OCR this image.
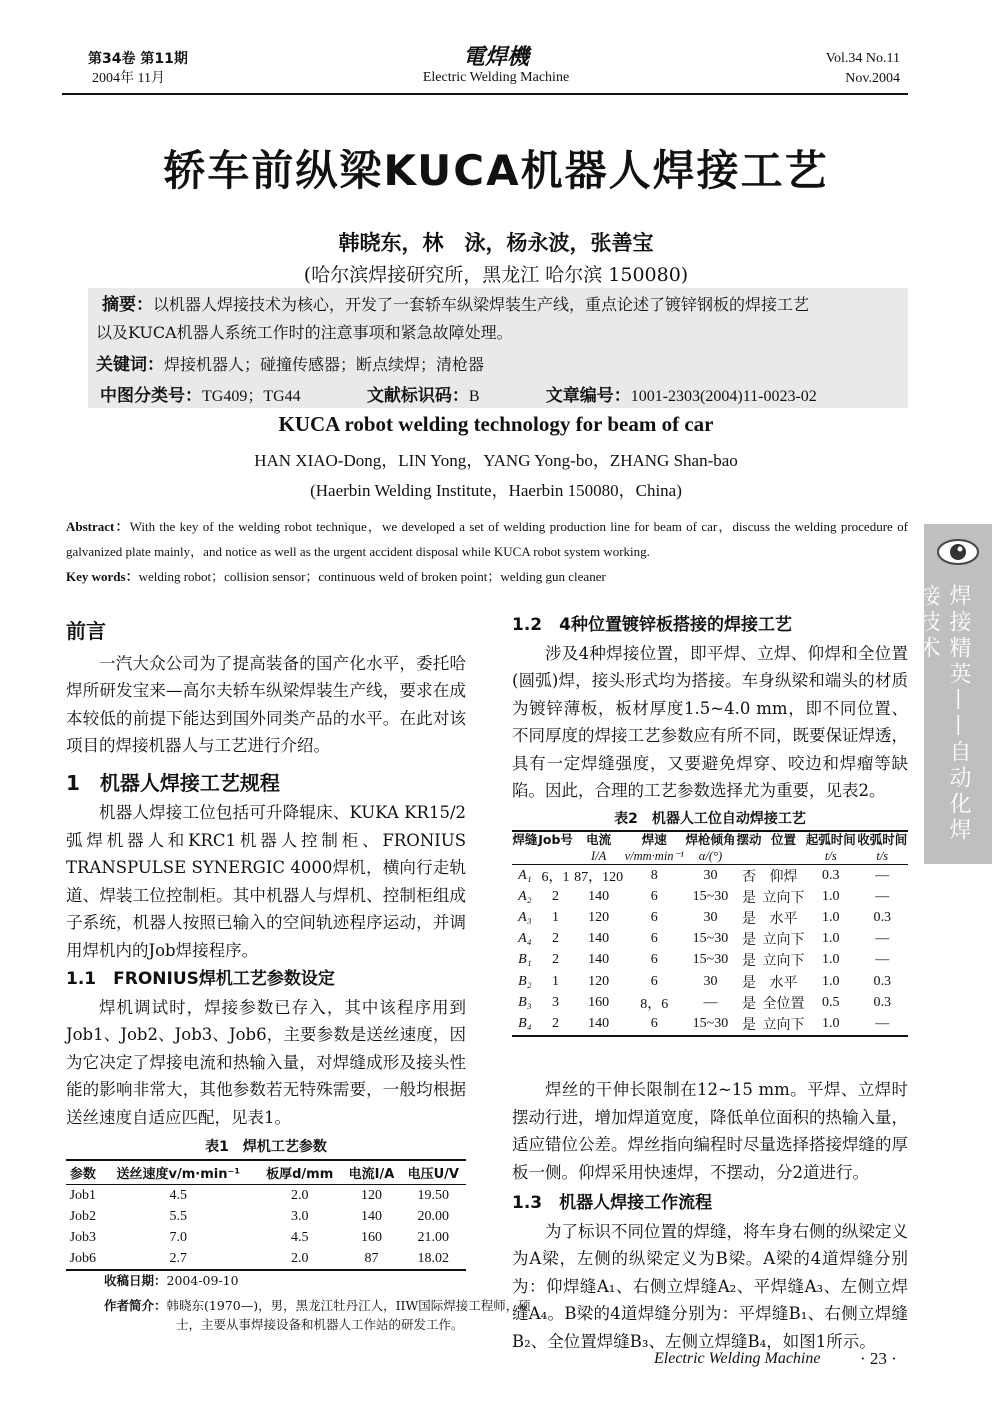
第34卷 第11期
2004年 11月
電焊機
Electric Welding Machine
Vol.34 No.11
Nov.2004
轿车前纵梁KUCA机器人焊接工艺
韩晓东，林　泳，杨永波，张善宝
(哈尔滨焊接研究所，黑龙江 哈尔滨 150080)
摘要：以机器人焊接技术为核心，开发了一套轿车纵梁焊装生产线，重点论述了镀锌钢板的焊接工艺
以及KUCA机器人系统工作时的注意事项和紧急故障处理。
关键词：焊接机器人；碰撞传感器；断点续焊；清枪器
中图分类号：TG409；TG44	文献标识码：B	文章编号：1001-2303(2004)11-0023-02
KUCA robot welding technology for beam of car
HAN XIAO-Dong，LIN Yong，YANG Yong-bo，ZHANG Shan-bao
(Haerbin Welding Institute，Haerbin 150080，China)
Abstract：With the key of the welding robot technique，we developed a set of welding production line for beam of car，discuss the welding procedure of galvanized plate mainly，and notice as well as the urgent accident disposal while KUCA robot system working.
Key words：welding robot；collision sensor；continuous weld of broken point；welding gun cleaner
前言

一汽大众公司为了提高装备的国产化水平，委托哈焊所研发宝来—高尔夫轿车纵梁焊装生产线，要求在成本较低的前提下能达到国外同类产品的水平。在此对该项目的焊接机器人与工艺进行介绍。

1　机器人焊接工艺规程

机器人焊接工位包括可升降辊床、KUKA KR15/2弧焊机器人和KRC1机器人控制柜、FRONIUS TRANSPULSE SYNERGIC 4000焊机，横向行走轨道、焊装工位控制柜。其中机器人与焊机、控制柜组成子系统，机器人按照已输入的空间轨迹程序运动，并调用焊机内的Job焊接程序。

1.1　FRONIUS焊机工艺参数设定

焊机调试时，焊接参数已存入，其中该程序用到Job1、Job2、Job3、Job6，主要参数是送丝速度，因为它决定了焊接电流和热输入量，对焊缝成形及接头性能的影响非常大，其他参数若无特殊需要，一般均根据送丝速度自适应匹配，见表1。

表1　焊机工艺参数
参数	送丝速度v/m·min⁻¹	板厚d/mm	电流I/A	电压U/V
Job1	4.5	2.0	120	19.50
Job2	5.5	3.0	140	20.00
Job3	7.0	4.5	160	21.00
Job6	2.7	2.0	87	18.02
收稿日期：2004-09-10
作者简介：韩晓东(1970—)，男，黑龙江牡丹江人，IIW国际焊接工程师，硕士，主要从事焊接设备和机器人工作站的研发工作。
1.2　4种位置镀锌板搭接的焊接工艺

涉及4种焊接位置，即平焊、立焊、仰焊和全位置(圆弧)焊，接头形式均为搭接。车身纵梁和端头的材质为镀锌薄板，板材厚度1.5~4.0 mm，即不同位置、不同厚度的焊接工艺参数应有所不同，既要保证焊透，具有一定焊缝强度，又要避免焊穿、咬边和焊瘤等缺陷。因此，合理的工艺参数选择尤为重要，见表2。

表2　机器人工位自动焊接工艺
焊缝	Job号	电流	焊速	焊枪倾角	摆动	位置	起弧时间	收弧时间
		I/A	v/mm·min⁻¹	α/(°)			t/s	t/s
A₁	6，1	87，120	8	30	否	仰焊	0.3	—
A₂	2	140	6	15~30	是	立向下	1.0	—
A₃	1	120	6	30	是	水平	1.0	0.3
A₄	2	140	6	15~30	是	立向下	1.0	—
B₁	2	140	6	15~30	是	立向下	1.0	—
B₂	1	120	6	30	是	水平	1.0	0.3
B₃	3	160	8，6	—	是	全位置	0.5	0.3
B₄	2	140	6	15~30	是	立向下	1.0	—

焊丝的干伸长限制在12~15 mm。平焊、立焊时摆动行进，增加焊道宽度，降低单位面积的热输入量，适应错位公差。焊丝指向编程时尽量选择搭接焊缝的厚板一侧。仰焊采用快速焊，不摆动，分2道进行。

1.3　机器人焊接工作流程

为了标识不同位置的焊缝，将车身右侧的纵梁定义为A梁，左侧的纵梁定义为B梁。A梁的4道焊缝分别为：仰焊缝A₁、右侧立焊缝A₂、平焊缝A₃、左侧立焊缝A₄。B梁的4道焊缝分别为：平焊缝B₁、右侧立焊缝B₂、全位置焊缝B₃、左侧立焊缝B₄，如图1所示。

焊接精英——自动化焊接技术
Electric Welding Machine · 23 ·
